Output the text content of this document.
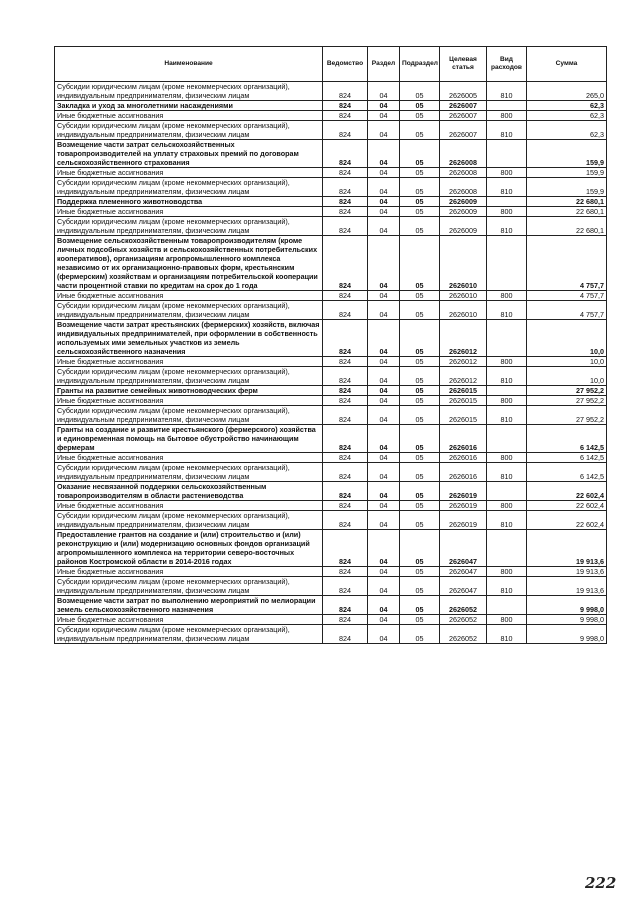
Наименование	Ведомство	Раздел	Подраздел	Целевая статья	Вид расходов	Сумма
Субсидии юридическим лицам (кроме некоммерческих организаций), индивидуальным предпринимателям, физическим лицам	824	04	05	2626005	810	265,0
Закладка и уход за многолетними насаждениями	824	04	05	2626007		62,3
Иные бюджетные ассигнования	824	04	05	2626007	800	62,3
Субсидии юридическим лицам (кроме некоммерческих организаций), индивидуальным предпринимателям, физическим лицам	824	04	05	2626007	810	62,3
Возмещение части затрат сельскохозяйственных товаропроизводителей на уплату страховых премий по договорам сельскохозяйственного страхования	824	04	05	2626008		159,9
Иные бюджетные ассигнования	824	04	05	2626008	800	159,9
Субсидии юридическим лицам (кроме некоммерческих организаций), индивидуальным предпринимателям, физическим лицам	824	04	05	2626008	810	159,9
Поддержка племенного животноводства	824	04	05	2626009		22 680,1
Иные бюджетные ассигнования	824	04	05	2626009	800	22 680,1
Субсидии юридическим лицам (кроме некоммерческих организаций), индивидуальным предпринимателям, физическим лицам	824	04	05	2626009	810	22 680,1
Возмещение сельскохозяйственным товаропроизводителям (кроме личных подсобных хозяйств и сельскохозяйственных потребительских кооперативов), организациям агропромышленного комплекса независимо от их организационно-правовых форм, крестьянским (фермерским) хозяйствам и организациям потребительской кооперации части процентной ставки по кредитам на срок до 1 года	824	04	05	2626010		4 757,7
Иные бюджетные ассигнования	824	04	05	2626010	800	4 757,7
Субсидии юридическим лицам (кроме некоммерческих организаций), индивидуальным предпринимателям, физическим лицам	824	04	05	2626010	810	4 757,7
Возмещение части затрат крестьянских (фермерских) хозяйств, включая индивидуальных предпринимателей, при оформлении в собственность используемых ими земельных участков из земель сельскохозяйственного назначения	824	04	05	2626012		10,0
Иные бюджетные ассигнования	824	04	05	2626012	800	10,0
Субсидии юридическим лицам (кроме некоммерческих организаций), индивидуальным предпринимателям, физическим лицам	824	04	05	2626012	810	10,0
Гранты на развитие семейных животноводческих ферм	824	04	05	2626015		27 952,2
Иные бюджетные ассигнования	824	04	05	2626015	800	27 952,2
Субсидии юридическим лицам (кроме некоммерческих организаций), индивидуальным предпринимателям, физическим лицам	824	04	05	2626015	810	27 952,2
Гранты на создание и развитие крестьянского (фермерского) хозяйства и единовременная помощь на бытовое обустройство начинающим фермерам	824	04	05	2626016		6 142,5
Иные бюджетные ассигнования	824	04	05	2626016	800	6 142,5
Субсидии юридическим лицам (кроме некоммерческих организаций), индивидуальным предпринимателям, физическим лицам	824	04	05	2626016	810	6 142,5
Оказание несвязанной поддержки сельскохозяйственным товаропроизводителям в области растениеводства	824	04	05	2626019		22 602,4
Иные бюджетные ассигнования	824	04	05	2626019	800	22 602,4
Субсидии юридическим лицам (кроме некоммерческих организаций), индивидуальным предпринимателям, физическим лицам	824	04	05	2626019	810	22 602,4
Предоставление грантов на создание и (или) строительство и (или) реконструкцию и (или) модернизацию основных фондов организаций агропромышленного комплекса на территории северо-восточных районов Костромской области в 2014-2016 годах	824	04	05	2626047		19 913,6
Иные бюджетные ассигнования	824	04	05	2626047	800	19 913,6
Субсидии юридическим лицам (кроме некоммерческих организаций), индивидуальным предпринимателям, физическим лицам	824	04	05	2626047	810	19 913,6
Возмещение части затрат по выполнению мероприятий по мелиорации земель сельскохозяйственного назначения	824	04	05	2626052		9 998,0
Иные бюджетные ассигнования	824	04	05	2626052	800	9 998,0
Субсидии юридическим лицам (кроме некоммерческих организаций), индивидуальным предпринимателям, физическим лицам	824	04	05	2626052	810	9 998,0
222
